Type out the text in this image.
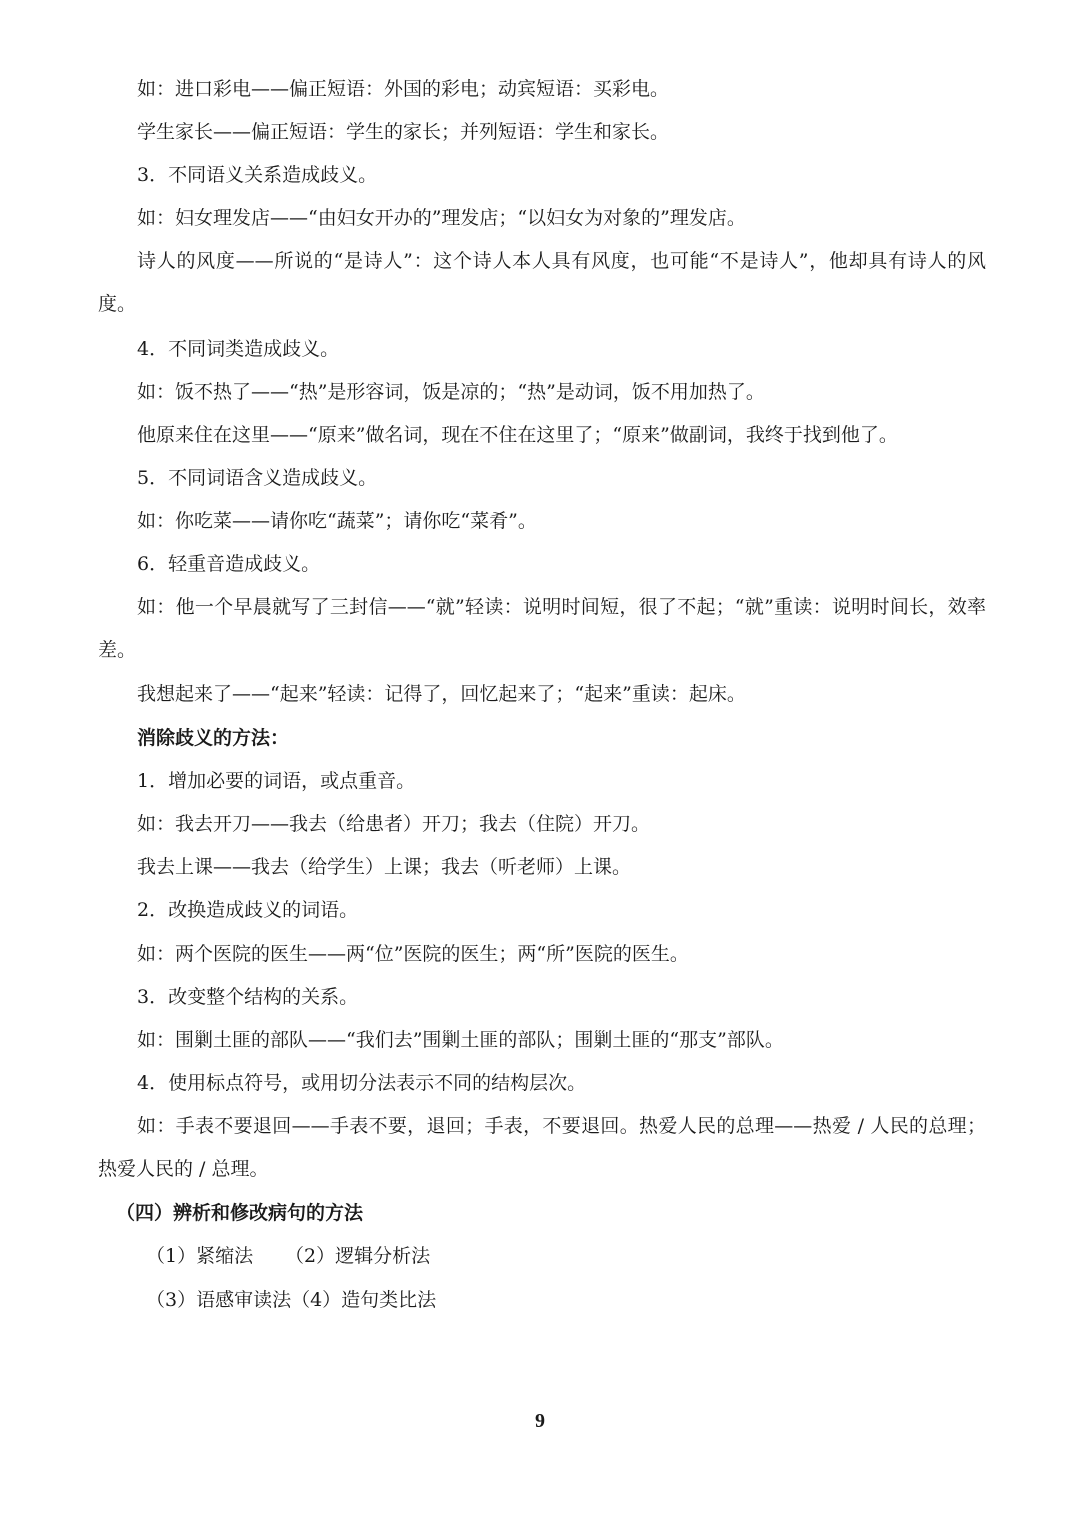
如：进口彩电——偏正短语：外国的彩电；动宾短语：买彩电。
学生家长——偏正短语：学生的家长；并列短语：学生和家长。
3．不同语义关系造成歧义。
如：妇女理发店——“由妇女开办的”理发店；“以妇女为对象的”理发店。
诗人的风度——所说的“是诗人”：这个诗人本人具有风度，也可能“不是诗人”，他却具有诗人的风度。
4．不同词类造成歧义。
如：饭不热了——“热”是形容词，饭是凉的；“热”是动词，饭不用加热了。
他原来住在这里——“原来”做名词，现在不住在这里了；“原来”做副词，我终于找到他了。
5．不同词语含义造成歧义。
如：你吃菜——请你吃“蔬菜”；请你吃“菜肴”。
6．轻重音造成歧义。
如：他一个早晨就写了三封信——“就”轻读：说明时间短，很了不起；“就”重读：说明时间长，效率差。
我想起来了——“起来”轻读：记得了，回忆起来了；“起来”重读：起床。
消除歧义的方法：
1．增加必要的词语，或点重音。
如：我去开刀——我去（给患者）开刀；我去（住院）开刀。
我去上课——我去（给学生）上课；我去（听老师）上课。
2．改换造成歧义的词语。
如：两个医院的医生——两“位”医院的医生；两“所”医院的医生。
3．改变整个结构的关系。
如：围剿土匪的部队——“我们去”围剿土匪的部队；围剿土匪的“那支”部队。
4．使用标点符号，或用切分法表示不同的结构层次。
如：手表不要退回——手表不要，退回；手表，不要退回。热爱人民的总理——热爱 / 人民的总理；热爱人民的 / 总理。
（四）辨析和修改病句的方法
（1）紧缩法	（2）逻辑分析法
（3）语感审读法（4）造句类比法
9
